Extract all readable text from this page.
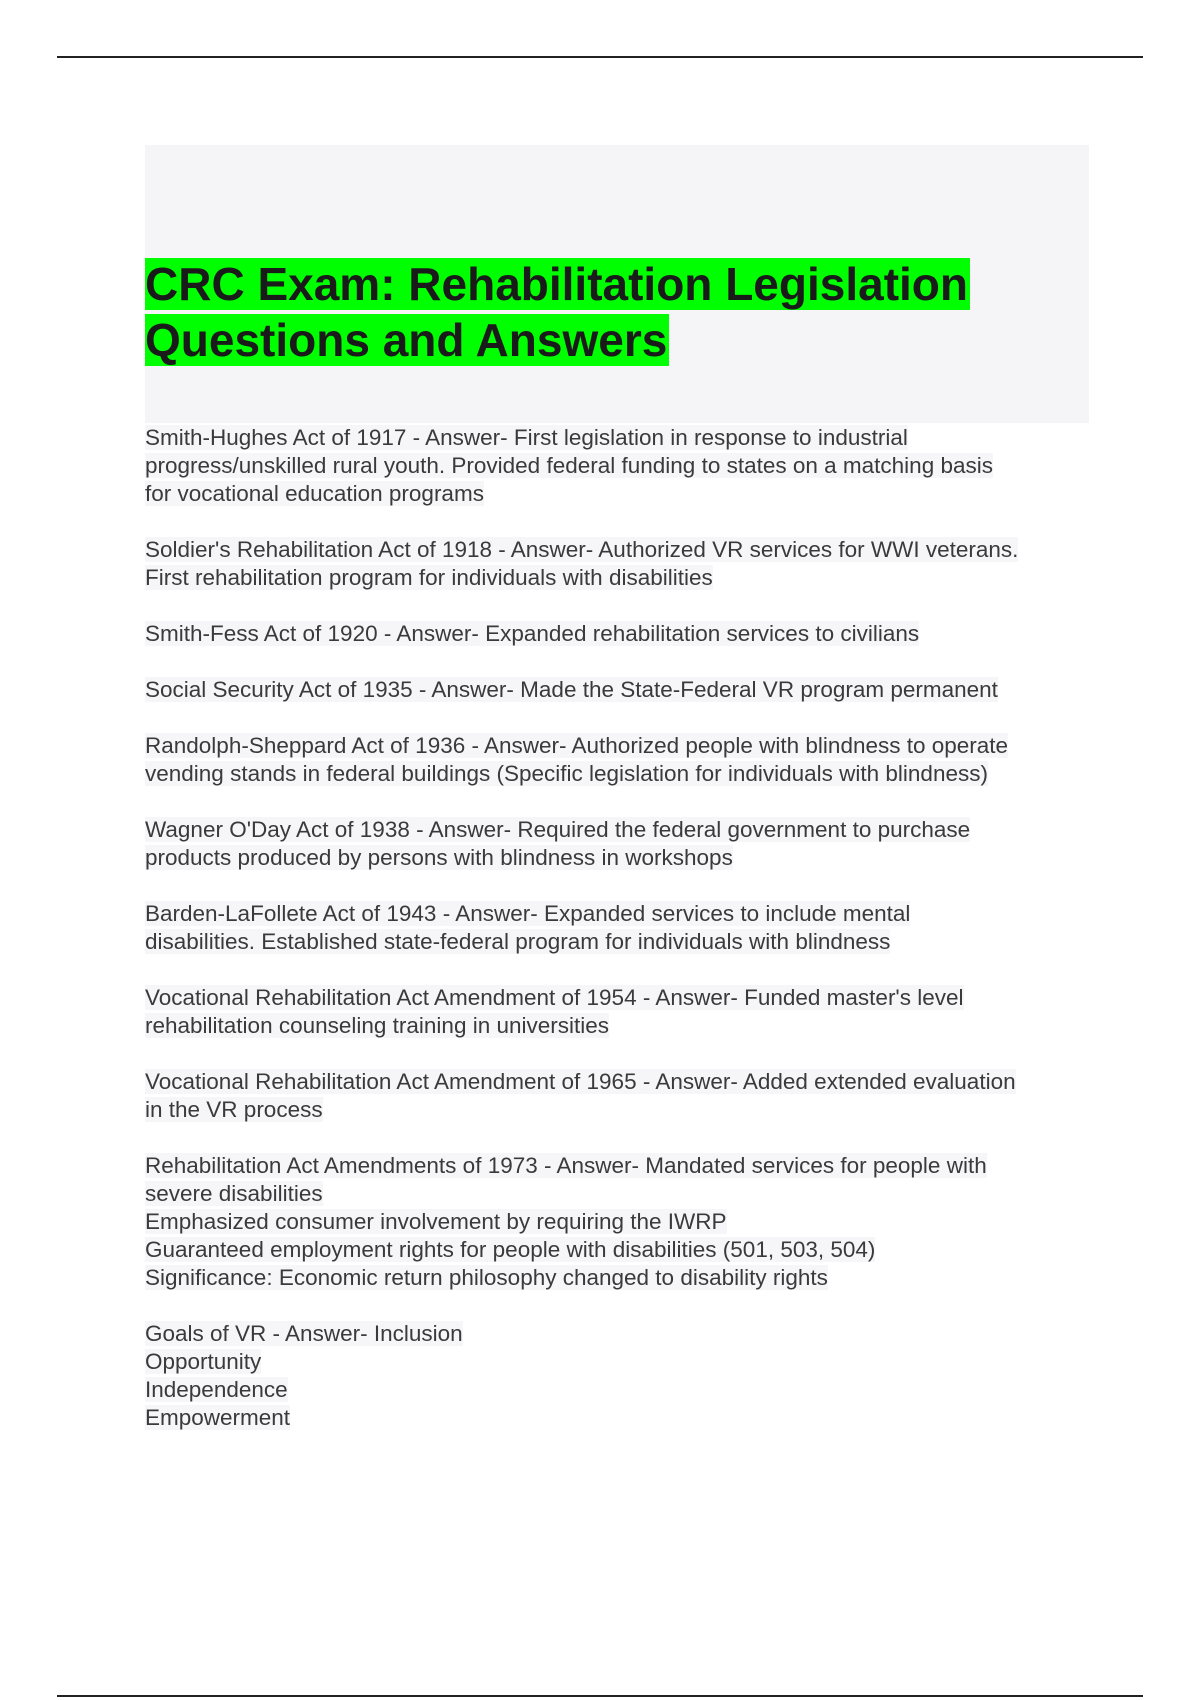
CRC Exam: Rehabilitation Legislation
Questions and Answers

Smith-Hughes Act of 1917 - Answer- First legislation in response to industrial
progress/unskilled rural youth. Provided federal funding to states on a matching basis
for vocational education programs

Soldier's Rehabilitation Act of 1918 - Answer- Authorized VR services for WWI veterans.
First rehabilitation program for individuals with disabilities

Smith-Fess Act of 1920 - Answer- Expanded rehabilitation services to civilians

Social Security Act of 1935 - Answer- Made the State-Federal VR program permanent

Randolph-Sheppard Act of 1936 - Answer- Authorized people with blindness to operate
vending stands in federal buildings (Specific legislation for individuals with blindness)

Wagner O'Day Act of 1938 - Answer- Required the federal government to purchase
products produced by persons with blindness in workshops

Barden-LaFollete Act of 1943 - Answer- Expanded services to include mental
disabilities. Established state-federal program for individuals with blindness

Vocational Rehabilitation Act Amendment of 1954 - Answer- Funded master's level
rehabilitation counseling training in universities

Vocational Rehabilitation Act Amendment of 1965 - Answer- Added extended evaluation
in the VR process

Rehabilitation Act Amendments of 1973 - Answer- Mandated services for people with
severe disabilities
Emphasized consumer involvement by requiring the IWRP
Guaranteed employment rights for people with disabilities (501, 503, 504)
Significance: Economic return philosophy changed to disability rights

Goals of VR - Answer- Inclusion
Opportunity
Independence
Empowerment
